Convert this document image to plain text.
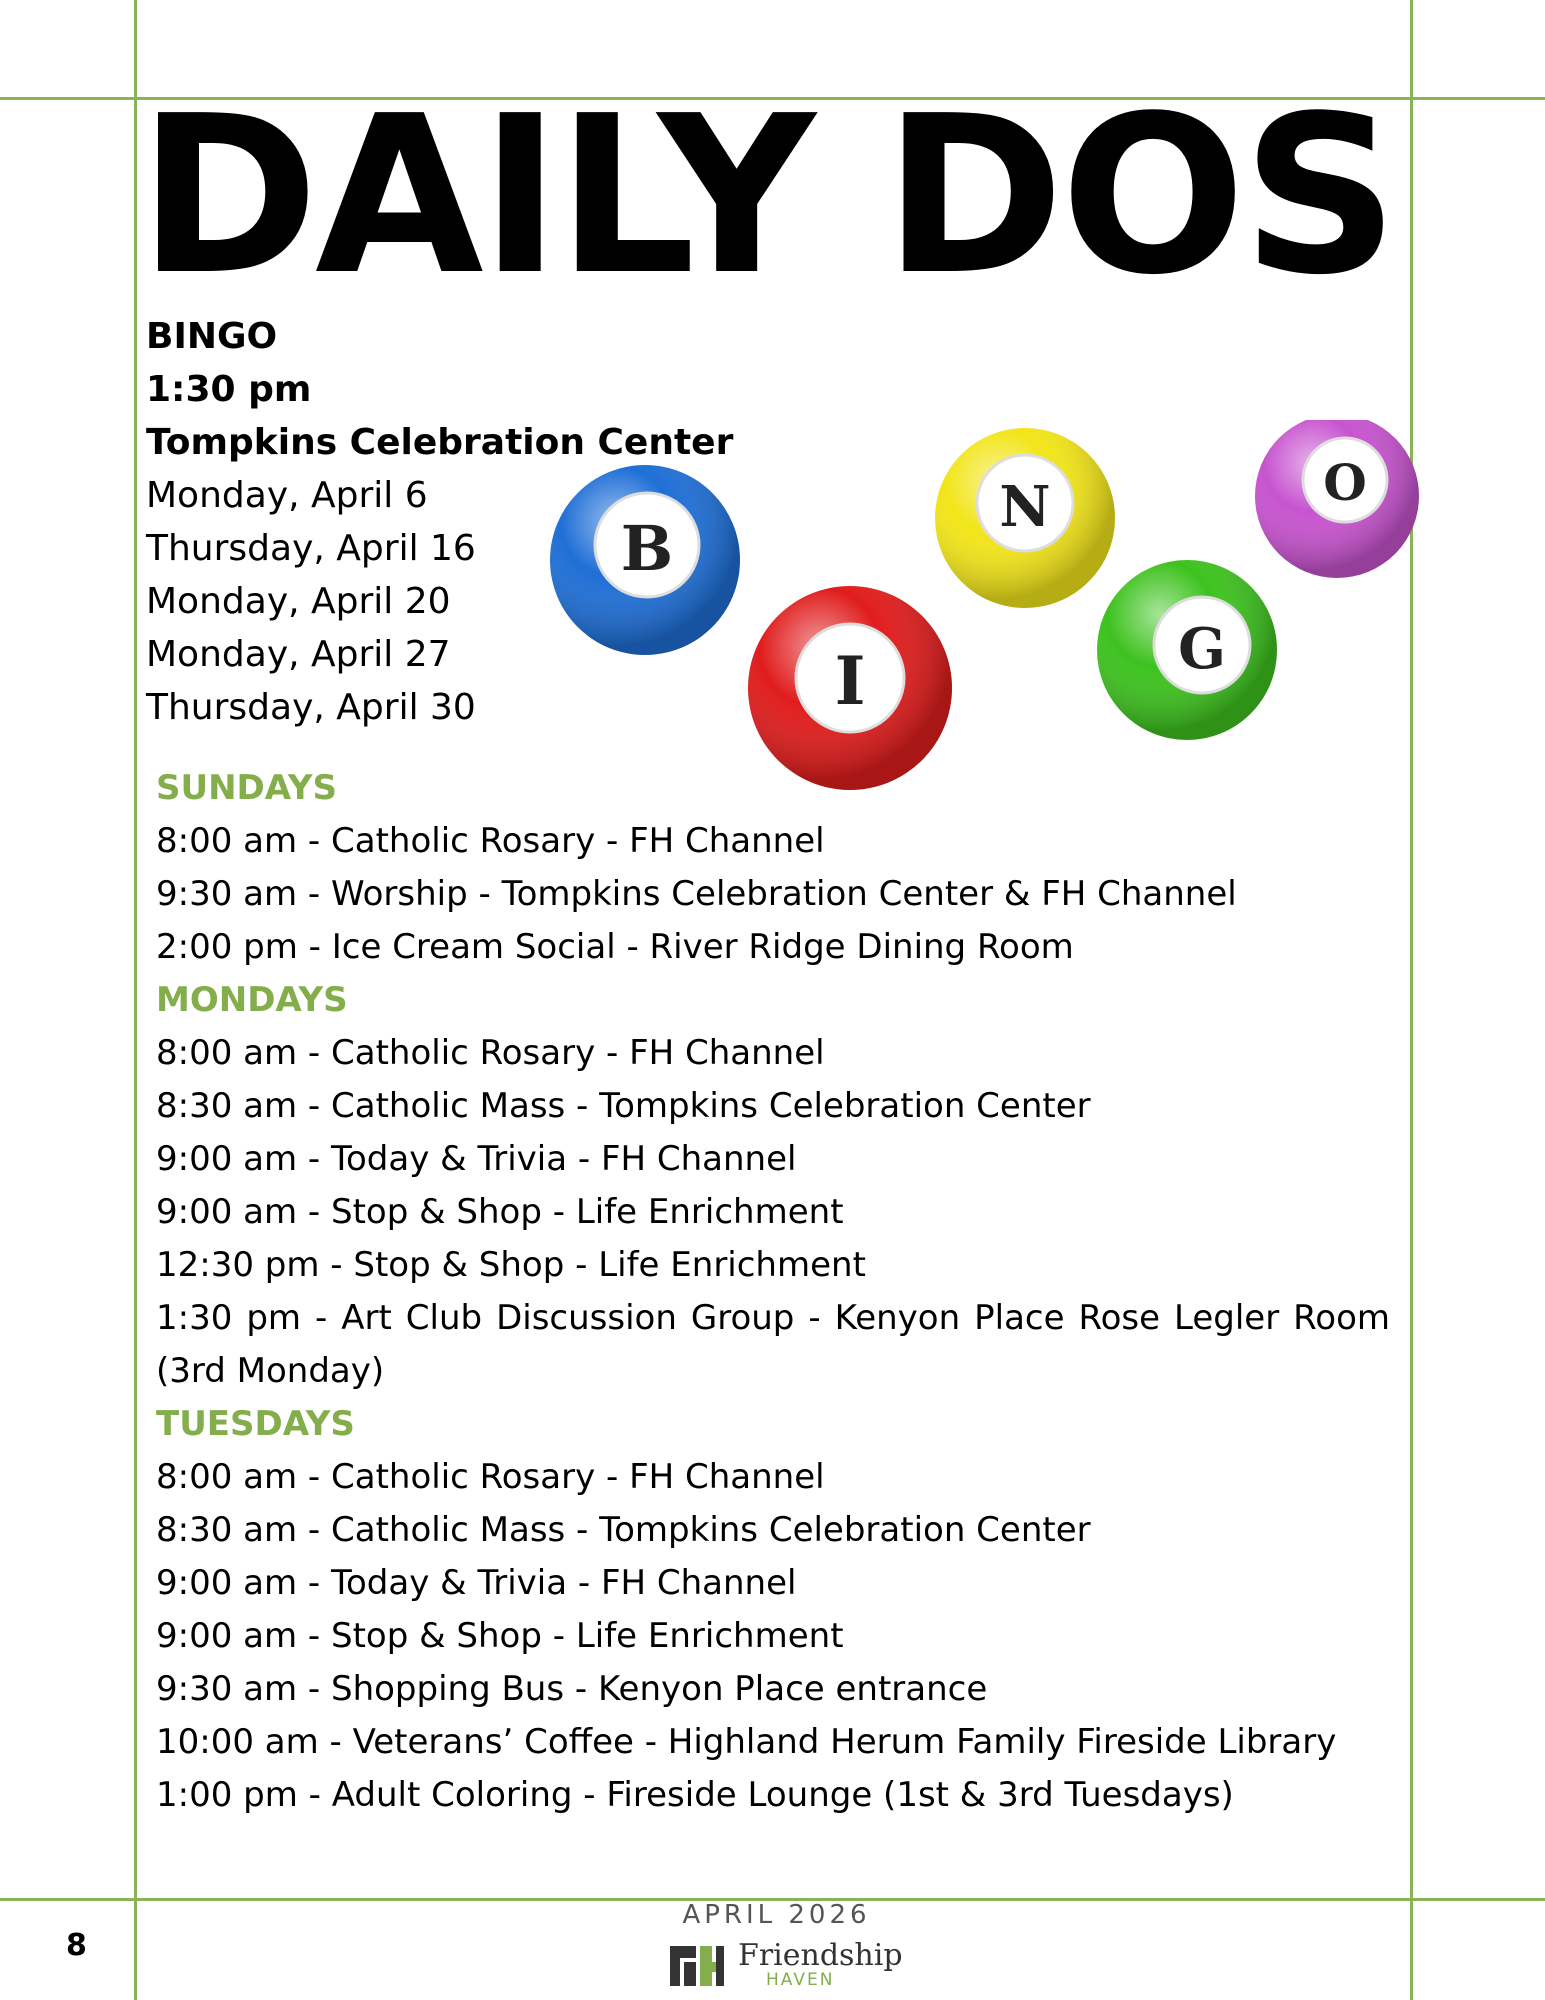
DAILY DOS
BINGO
1:30 pm
Tompkins Celebration Center
Monday, April 6
Thursday, April 16
Monday, April 20
Monday, April 27
Thursday, April 30
B
I
N
G
O
SUNDAYS
8:00 am - Catholic Rosary - FH Channel
9:30 am - Worship - Tompkins Celebration Center & FH Channel
2:00 pm - Ice Cream Social - River Ridge Dining Room
MONDAYS
8:00 am - Catholic Rosary - FH Channel
8:30 am - Catholic Mass - Tompkins Celebration Center
9:00 am - Today & Trivia - FH Channel
9:00 am - Stop & Shop - Life Enrichment
12:30 pm - Stop & Shop - Life Enrichment
1:30 pm - Art Club Discussion Group - Kenyon Place Rose Legler Room (3rd Monday)
TUESDAYS
8:00 am - Catholic Rosary - FH Channel
8:30 am - Catholic Mass - Tompkins Celebration Center
9:00 am - Today & Trivia - FH Channel
9:00 am - Stop & Shop - Life Enrichment
9:30 am - Shopping Bus - Kenyon Place entrance
10:00 am - Veterans’ Coffee - Highland Herum Family Fireside Library
1:00 pm - Adult Coloring - Fireside Lounge (1st & 3rd Tuesdays)
8
APRIL 2026
Friendship
HAVEN
